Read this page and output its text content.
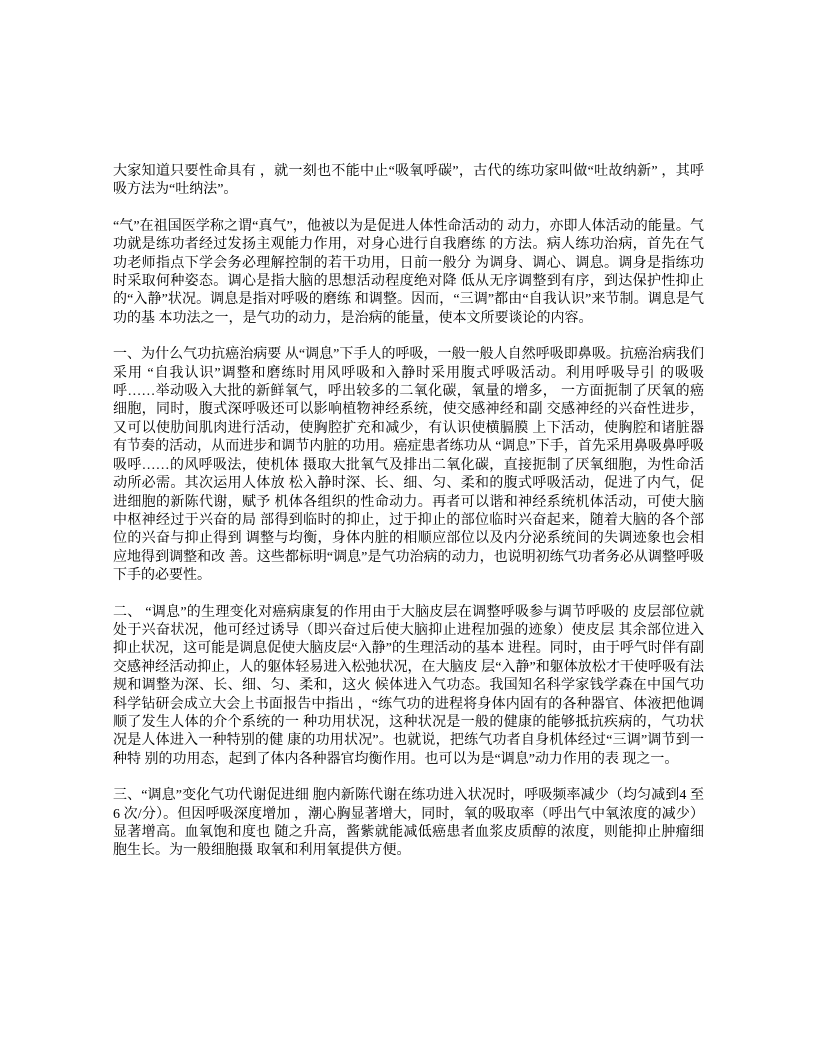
大家知道只要性命具有 ，就一刻也不能中止“吸氧呼碳”，古代的练功家叫做“吐故纳新” ，其呼吸方法为“吐纳法”。

“气”在祖国医学称之谓“真气”，他被以为是促进人体性命活动的 动力，亦即人体活动的能量。气功就是练功者经过发扬主观能力作用，对身心进行自我磨练 的方法。病人练功治病，首先在气功老师指点下学会务必理解控制的若干功用，日前一般分 为调身、调心、调息。调身是指练功时采取何种姿态。调心是指大脑的思想活动程度绝对降 低从无序调整到有序，到达保护性抑止的“入静”状况。调息是指对呼吸的磨练 和调整。因而，“三调”都由“自我认识”来节制。调息是气功的基 本功法之一，是气功的动力，是治病的能量，使本文所要谈论的内容。

一、为什么气功抗癌治病要 从“调息”下手人的呼吸，一般一般人自然呼吸即鼻吸。抗癌治病我们采用 “自我认识”调整和磨练时用风呼吸和入静时采用腹式呼吸活动。利用呼吸导引 的吸吸呼……举动吸入大批的新鲜氧气，呼出较多的二氧化碳，氧量的增多， 一方面扼制了厌氧的癌细胞，同时，腹式深呼吸还可以影响植物神经系统，使交感神经和副 交感神经的兴奋性进步，又可以使肋间肌肉进行活动，使胸腔扩充和减少，有认识使横膈膜 上下活动，使胸腔和诸脏器有节奏的活动，从而进步和调节内脏的功用。癌症患者练功从 “调息”下手，首先采用鼻吸鼻呼吸吸呼……的风呼吸法，使机体 摄取大批氧气及排出二氧化碳，直接扼制了厌氧细胞，为性命活动所必需。其次运用人体放 松入静时深、长、细、匀、柔和的腹式呼吸活动，促进了内气，促进细胞的新陈代谢，赋予 机体各组织的性命动力。再者可以谐和神经系统机体活动，可使大脑中枢神经过于兴奋的局 部得到临时的抑止，过于抑止的部位临时兴奋起来，随着大脑的各个部位的兴奋与抑止得到 调整与均衡，身体内脏的相顺应部位以及内分泌系统间的失调迹象也会相应地得到调整和改 善。这些都标明“调息”是气功治病的动力，也说明初练气功者务必从调整呼吸 下手的必要性。

二、 “调息”的生理变化对癌病康复的作用由于大脑皮层在调整呼吸参与调节呼吸的 皮层部位就处于兴奋状况，他可经过诱导（即兴奋过后使大脑抑止进程加强的迹象）使皮层 其余部位进入抑止状况，这可能是调息促使大脑皮层“入静”的生理活动的基本 进程。同时，由于呼气时伴有副交感神经活动抑止，人的躯体轻易进入松弛状况，在大脑皮 层“入静”和躯体放松才干使呼吸有法规和调整为深、长、细、匀、柔和，这火 候体进入气功态。我国知名科学家钱学森在中国气功科学钻研会成立大会上书面报告中指出 ，“练气功的进程将身体内固有的各种器官、体液把他调顺了发生人体的介个系统的一 种功用状况，这种状况是一般的健康的能够抵抗疾病的，气功状况是人体进入一种特别的健 康的功用状况”。也就说，把练气功者自身机体经过“三调”调节到一种特 别的功用态，起到了体内各种器官均衡作用。也可以为是“调息”动力作用的表 现之一。

三、“调息”变化气功代谢促进细 胞内新陈代谢在练功进入状况时，呼吸频率减少（均匀减到4 至 6 次/分）。但因呼吸深度增加 ，潮心胸显著增大，同时，氧的吸取率（呼出气中氧浓度的减少）显著增高。血氧饱和度也 随之升高，酱紫就能减低癌患者血浆皮质醇的浓度，则能抑止肿瘤细胞生长。为一般细胞摄 取氧和利用氧提供方便。
